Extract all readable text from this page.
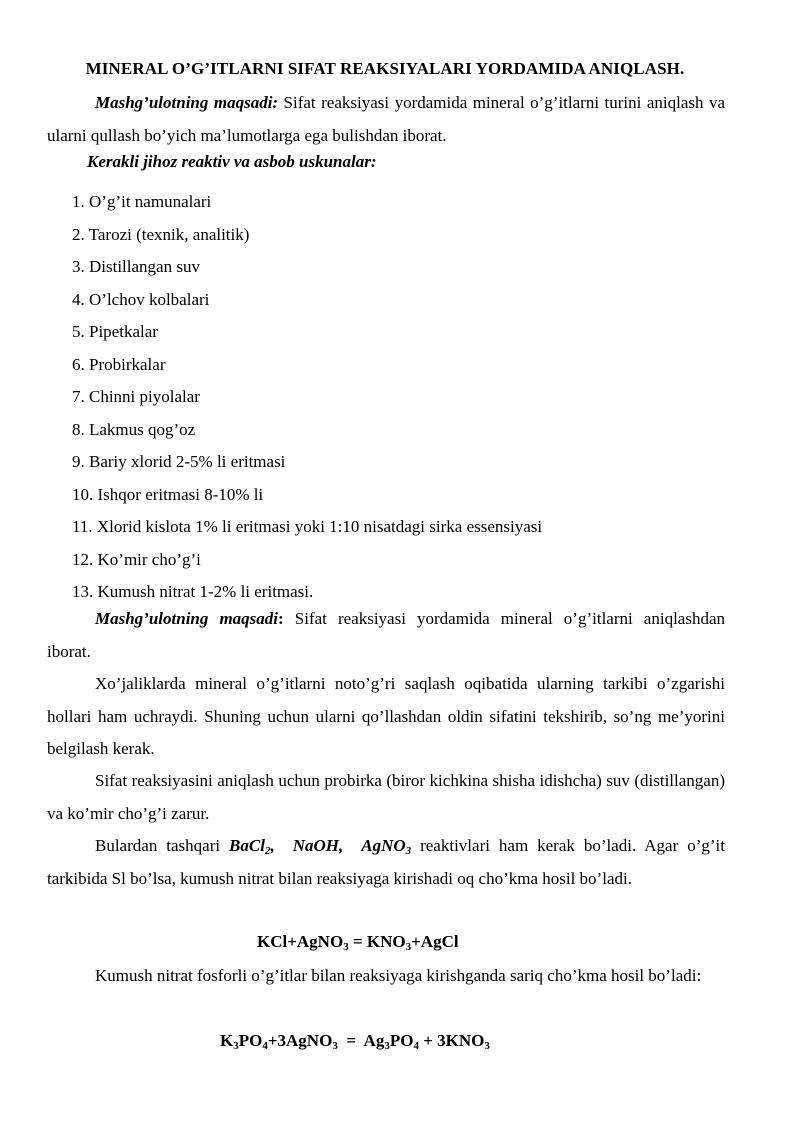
MINERAL O’G’ITLARNI SIFAT REAKSIYALARI YORDAMIDA ANIQLASH.
Mashg’ulotning maqsadi: Sifat reaksiyasi yordamida mineral o’g’itlarni turini aniqlash va ularni qullash bo’yich ma’lumotlarga ega bulishdan iborat.
Kerakli jihoz reaktiv va asbob uskunalar:
1. O’g’it namunalari
2. Tarozi (texnik, analitik)
3. Distillangan suv
4. O’lchov kolbalari
5. Pipetkalar
6. Probirkalar
7. Chinni piyolalar
8. Lakmus qog’oz
9. Bariy xlorid 2-5% li eritmasi
10. Ishqor eritmasi 8-10% li
11. Xlorid kislota 1% li eritmasi yoki 1:10 nisatdagi sirka essensiyasi
12. Ko’mir cho’g’i
13. Kumush nitrat 1-2% li eritmasi.
Mashg’ulotning maqsadi: Sifat reaksiyasi yordamida mineral o’g’itlarni aniqlashdan iborat.
Xo’jaliklarda mineral o’g’itlarni noto’g’ri saqlash oqibatida ularning tarkibi o’zgarishi hollari ham uchraydi. Shuning uchun ularni qo’llashdan oldin sifatini tekshirib, so’ng me’yorini belgilash kerak.
Sifat reaksiyasini aniqlash uchun probirka (biror kichkina shisha idishcha) suv (distillangan) va ko’mir cho’g’i zarur.
Bulardan tashqari BaCl$_2$, NaOH, AgNO$_3$ reaktivlari ham kerak bo’ladi. Agar o’g’it tarkibida Sl bo’lsa, kumush nitrat bilan reaksiyaga kirishadi oq cho’kma hosil bo’ladi.
KCl+AgNO$_3$ = $KNO_3+AgCl$
Kumush nitrat fosforli o’g’itlar bilan reaksiyaga kirishganda sariq cho’kma hosil bo’ladi:
$K_3PO_4+3AgNO_3 = Ag_3PO_4 + 3KNO_3$
